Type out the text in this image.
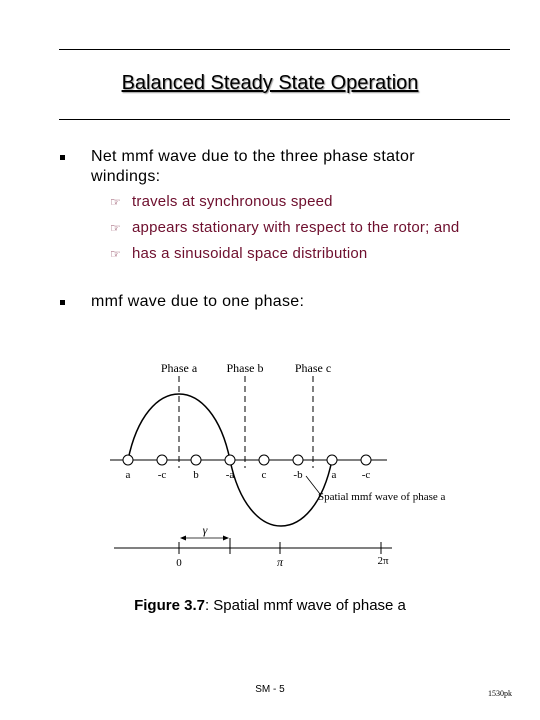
Balanced Steady State Operation
Net mmf wave due to the three phase stator
windings:
☞ travels at synchronous speed
☞ appears stationary with respect to the rotor; and
☞ has a sinusoidal space distribution
mmf wave due to one phase:
Phase a Phase b	Phase c
a -c b -a c -b	a -c
Spatial mmf wave of phase a
γ
0	π	2π
Figure 3.7: Spatial mmf wave of phase a
SM - 5	1530pk
